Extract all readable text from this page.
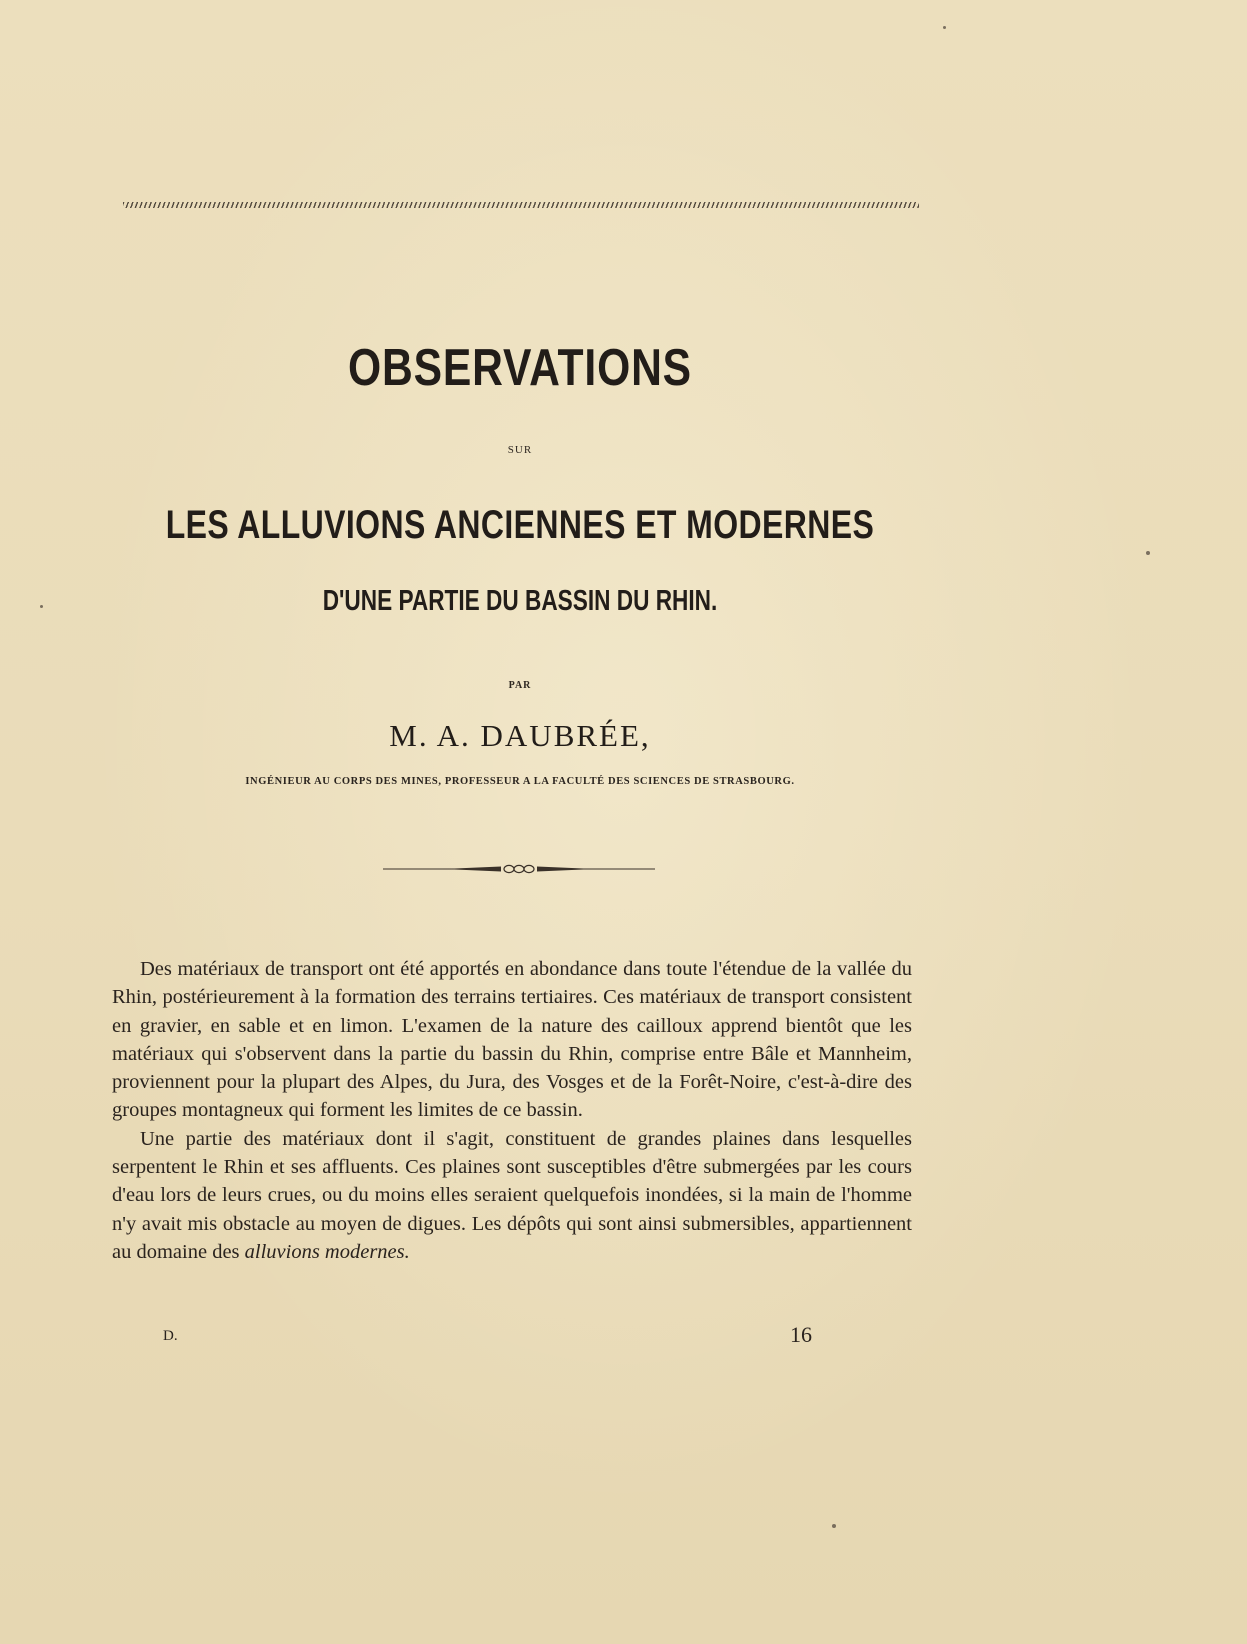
OBSERVATIONS
SUR
LES ALLUVIONS ANCIENNES ET MODERNES
D'UNE PARTIE DU BASSIN DU RHIN.
PAR
M. A. DAUBRÉE,
INGÉNIEUR AU CORPS DES MINES, PROFESSEUR A LA FACULTÉ DES SCIENCES DE STRASBOURG.

Des matériaux de transport ont été apportés en abondance dans toute l'étendue de la vallée du Rhin, postérieurement à la formation des terrains tertiaires. Ces matériaux de transport consistent en gravier, en sable et en limon. L'examen de la nature des cailloux apprend bientôt que les matériaux qui s'observent dans la partie du bassin du Rhin, comprise entre Bâle et Mannheim, proviennent pour la plupart des Alpes, du Jura, des Vosges et de la Forêt-Noire, c'est-à-dire des groupes montagneux qui forment les limites de ce bassin.

Une partie des matériaux dont il s'agit, constituent de grandes plaines dans lesquelles serpentent le Rhin et ses affluents. Ces plaines sont susceptibles d'être submergées par les cours d'eau lors de leurs crues, ou du moins elles seraient quelquefois inondées, si la main de l'homme n'y avait mis obstacle au moyen de digues. Les dépôts qui sont ainsi submersibles, appartiennent au domaine des alluvions modernes.

D.	16
